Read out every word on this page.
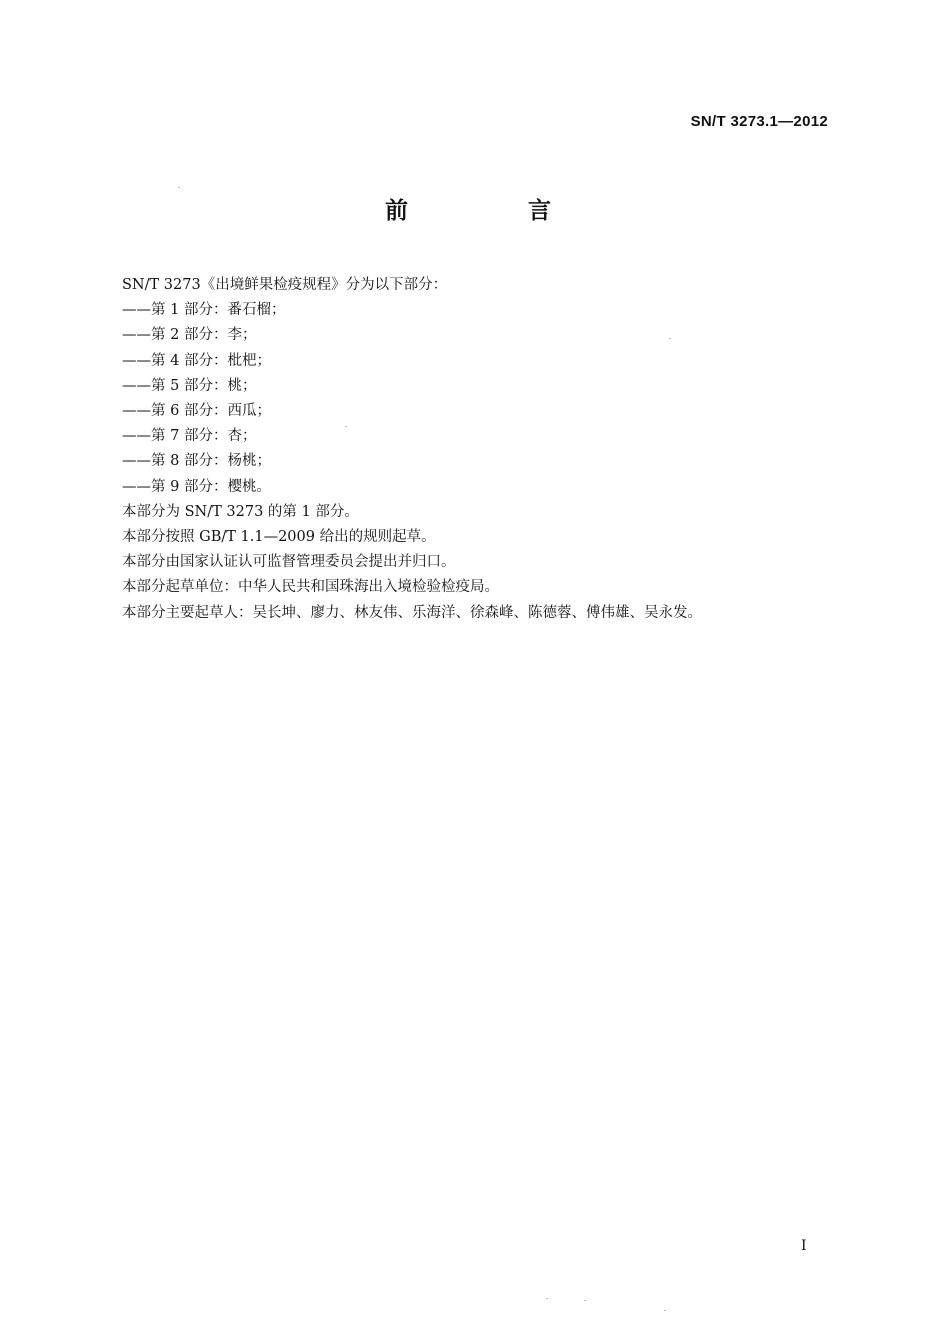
SN/T 3273.1—2012
前 言
SN/T 3273《出境鲜果检疫规程》分为以下部分：
——第 1 部分：番石榴；
——第 2 部分：李；
——第 4 部分：枇杷；
——第 5 部分：桃；
——第 6 部分：西瓜；
——第 7 部分：杏；
——第 8 部分：杨桃；
——第 9 部分：樱桃。
本部分为 SN/T 3273 的第 1 部分。
本部分按照 GB/T 1.1—2009 给出的规则起草。
本部分由国家认证认可监督管理委员会提出并归口。
本部分起草单位：中华人民共和国珠海出入境检验检疫局。
本部分主要起草人：吴长坤、廖力、林友伟、乐海洋、徐森峰、陈德蓉、傅伟雄、吴永发。
I
